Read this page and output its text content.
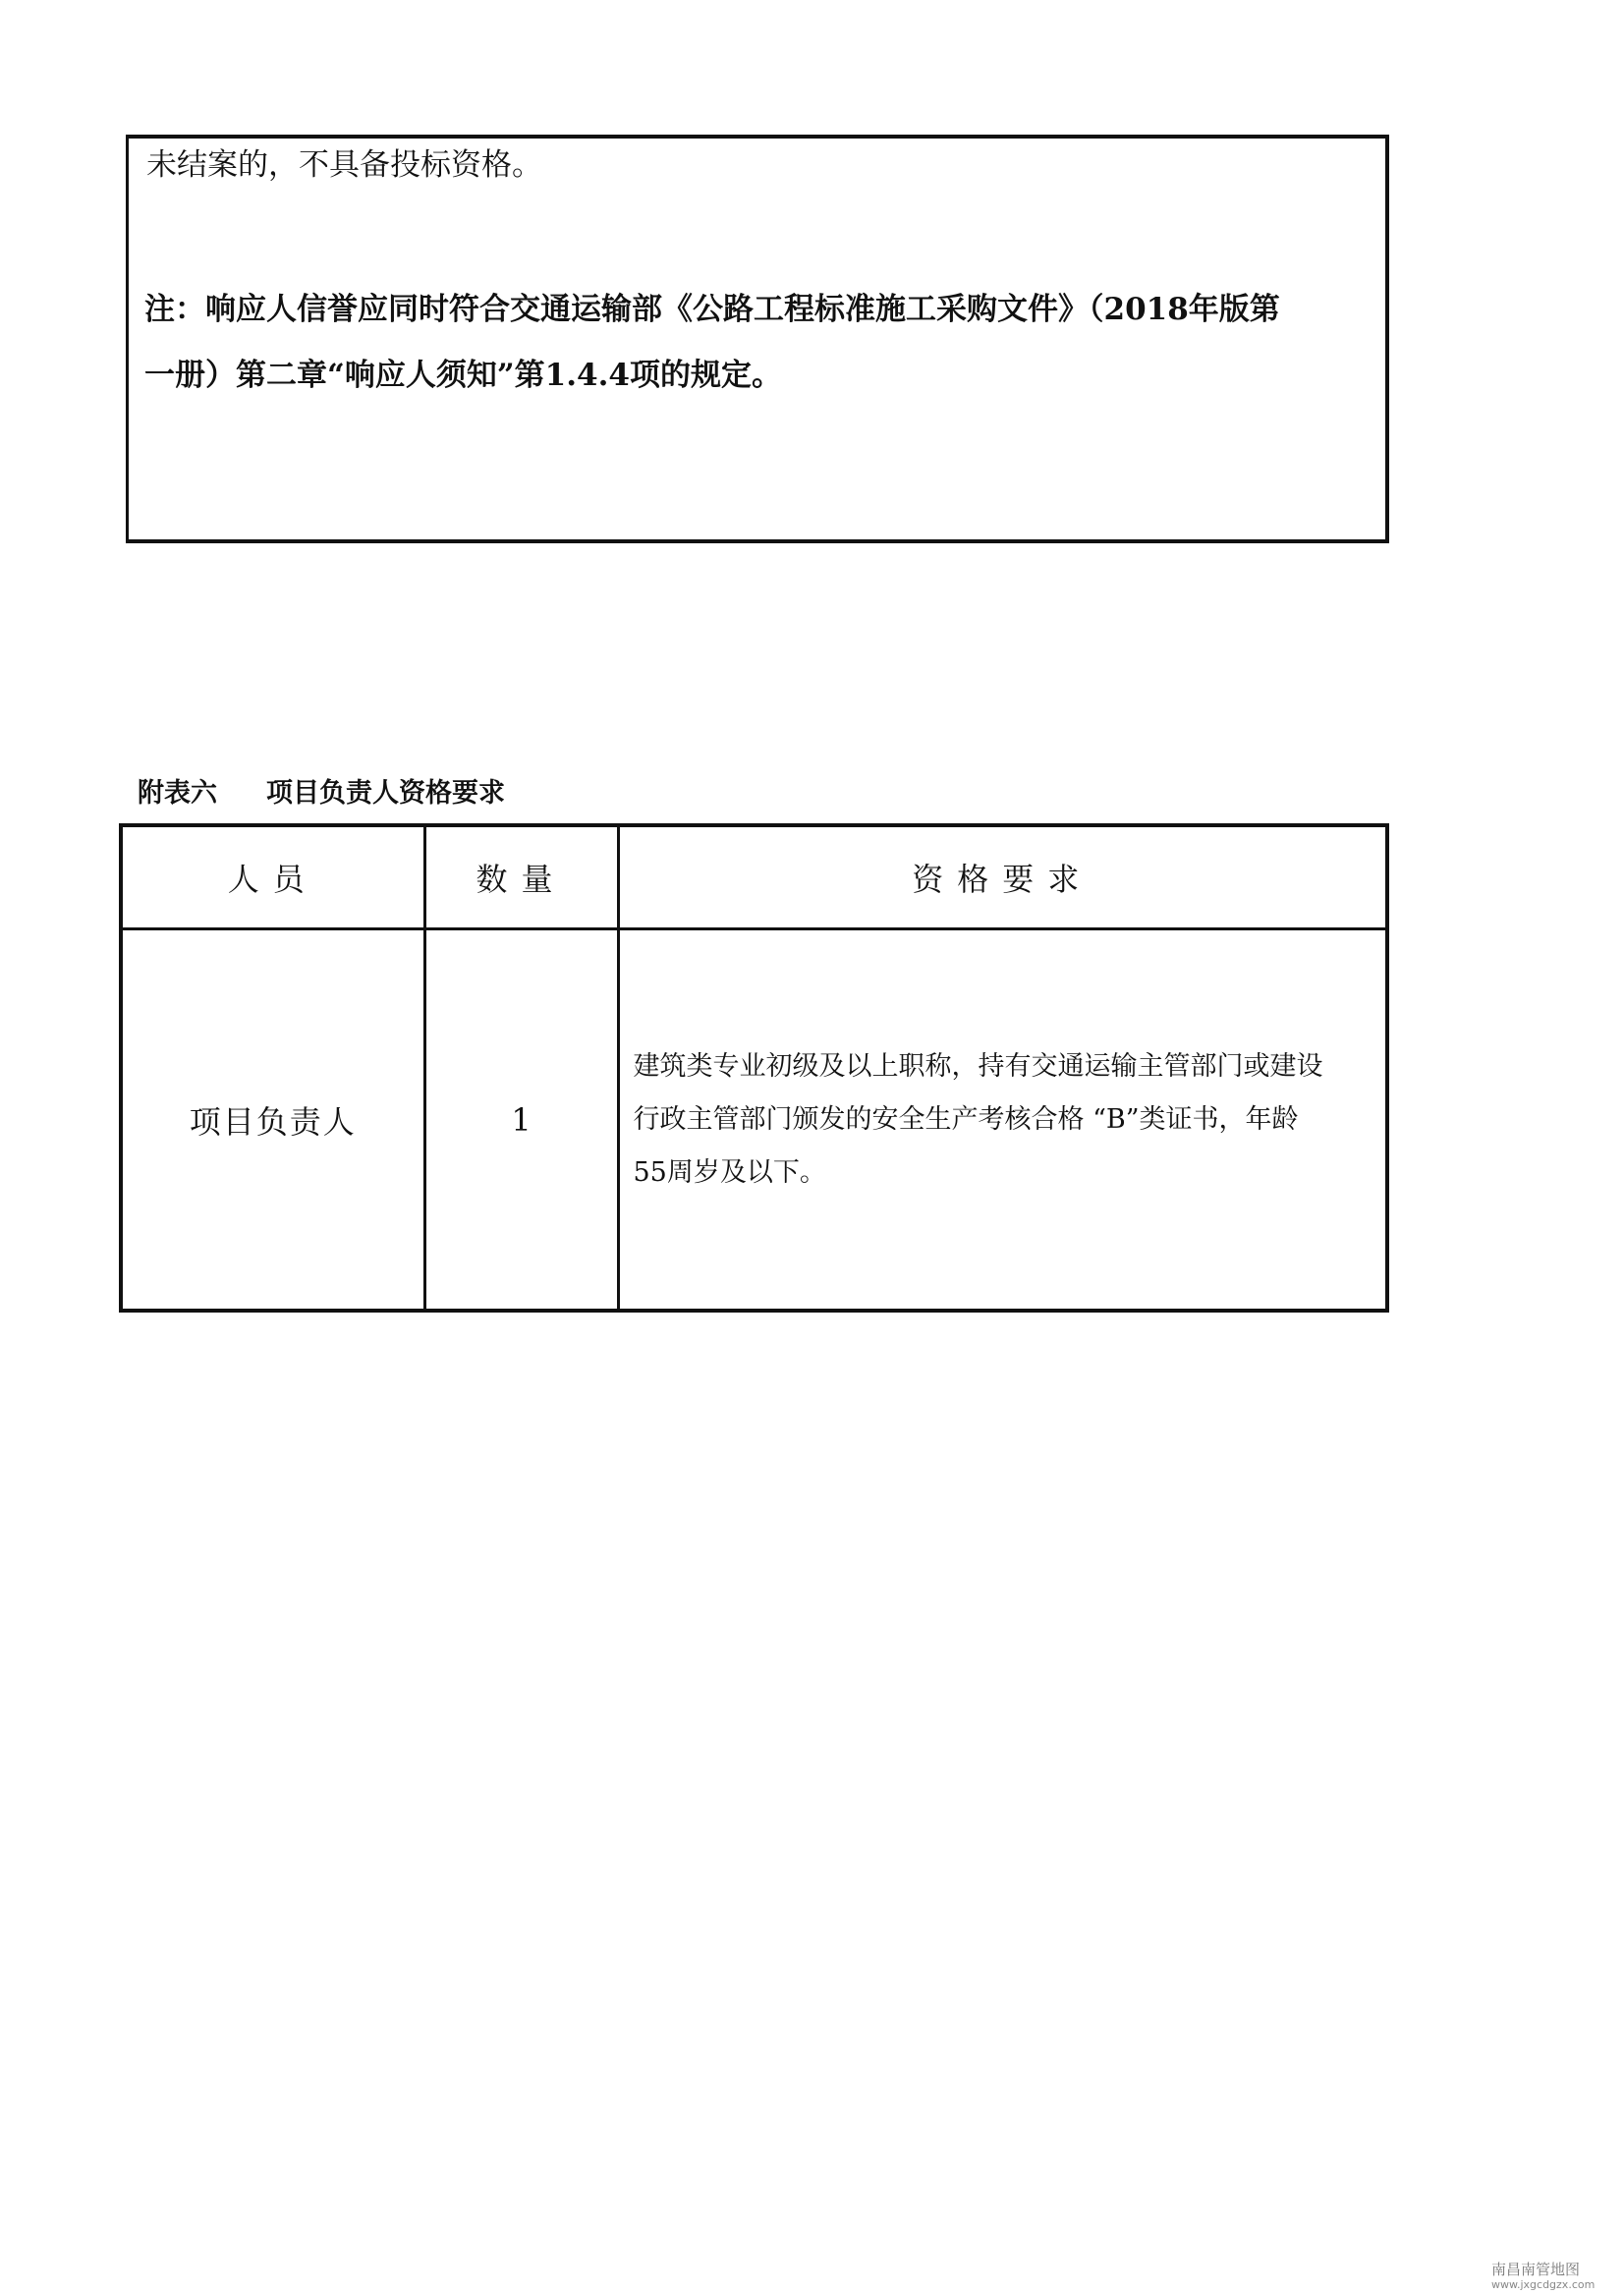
未结案的，不具备投标资格。
注：响应人信誉应同时符合交通运输部《公路工程标准施工采购文件》（2018年版第
一册）第二章“响应人须知”第1.4.4项的规定。
附表六 项目负责人资格要求
人员	数量	资格要求
项目负责人	1	建筑类专业初级及以上职称，持有交通运输主管部门或建设
行政主管部门颁发的安全生产考核合格 “B”类证书，年龄
55周岁及以下。
南昌南管地图
www.jxgcdgzx.com
